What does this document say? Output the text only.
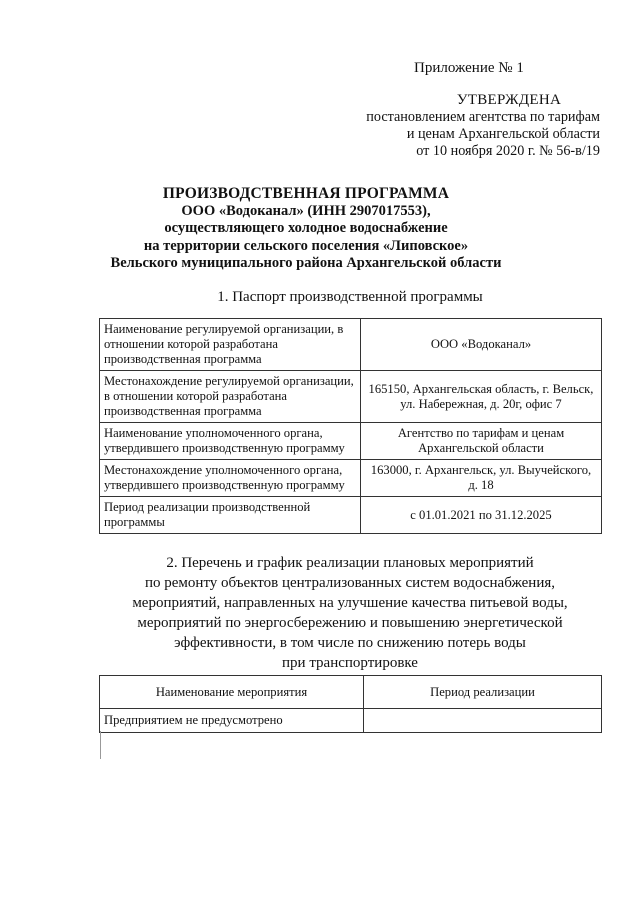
Приложение № 1
УТВЕРЖДЕНА
постановлением агентства по тарифам
и ценам Архангельской области
от 10 ноября 2020 г. № 56-в/19
ПРОИЗВОДСТВЕННАЯ ПРОГРАММА
ООО «Водоканал» (ИНН 2907017553),
осуществляющего холодное водоснабжение
на территории сельского поселения «Липовское»
Вельского муниципального района Архангельской области
1. Паспорт производственной программы
Наименование регулируемой организации, в отношении которой разработана производственная программа	ООО «Водоканал»
Местонахождение регулируемой организации, в отношении которой разработана производственная программа	165150, Архангельская область, г. Вельск, ул. Набережная, д. 20г, офис 7
Наименование уполномоченного органа, утвердившего производственную программу	Агентство по тарифам и ценам Архангельской области
Местонахождение уполномоченного органа, утвердившего производственную программу	163000, г. Архангельск, ул. Выучейского, д. 18
Период реализации производственной программы	с 01.01.2021 по 31.12.2025
2. Перечень и график реализации плановых мероприятий
по ремонту объектов централизованных систем водоснабжения,
мероприятий, направленных на улучшение качества питьевой воды,
мероприятий по энергосбережению и повышению энергетической
эффективности, в том числе по снижению потерь воды
при транспортировке
Наименование мероприятия	Период реализации
Предприятием не предусмотрено	
